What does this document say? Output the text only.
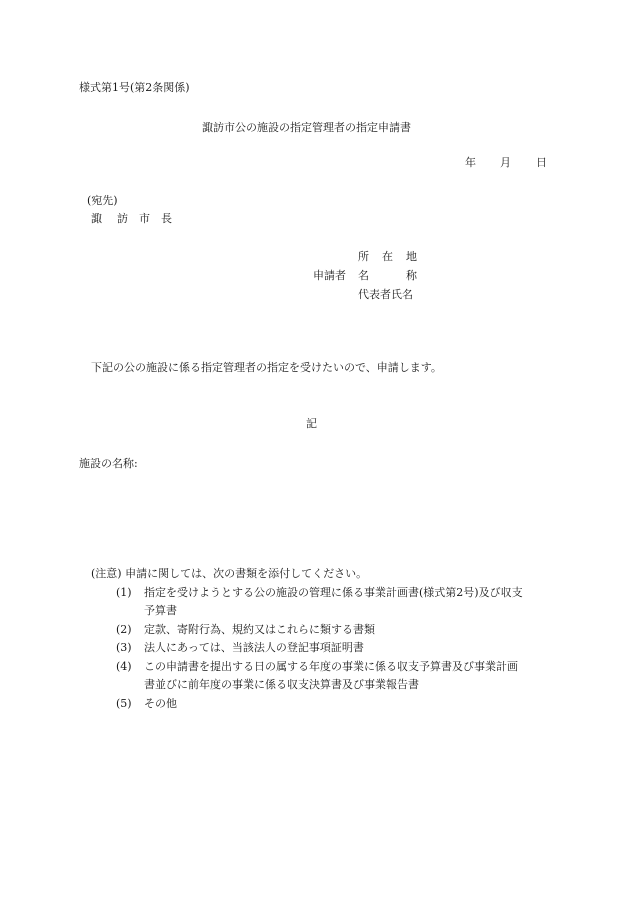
様式第1号(第2条関係)
諏訪市公の施設の指定管理者の指定申請書
年 月 日
(宛先)
諏 訪 市 長
所 在 地
申請者 名	称
代表者氏名
下記の公の施設に係る指定管理者の指定を受けたいので、申請します。
記
施設の名称:
(注意) 申請に関しては、次の書類を添付してください。
(1) 指定を受けようとする公の施設の管理に係る事業計画書(様式第2号)及び収支
予算書
(2) 定款、寄附行為、規約又はこれらに類する書類
(3) 法人にあっては、当該法人の登記事項証明書
(4) この申請書を提出する日の属する年度の事業に係る収支予算書及び事業計画
書並びに前年度の事業に係る収支決算書及び事業報告書
(5) その他
